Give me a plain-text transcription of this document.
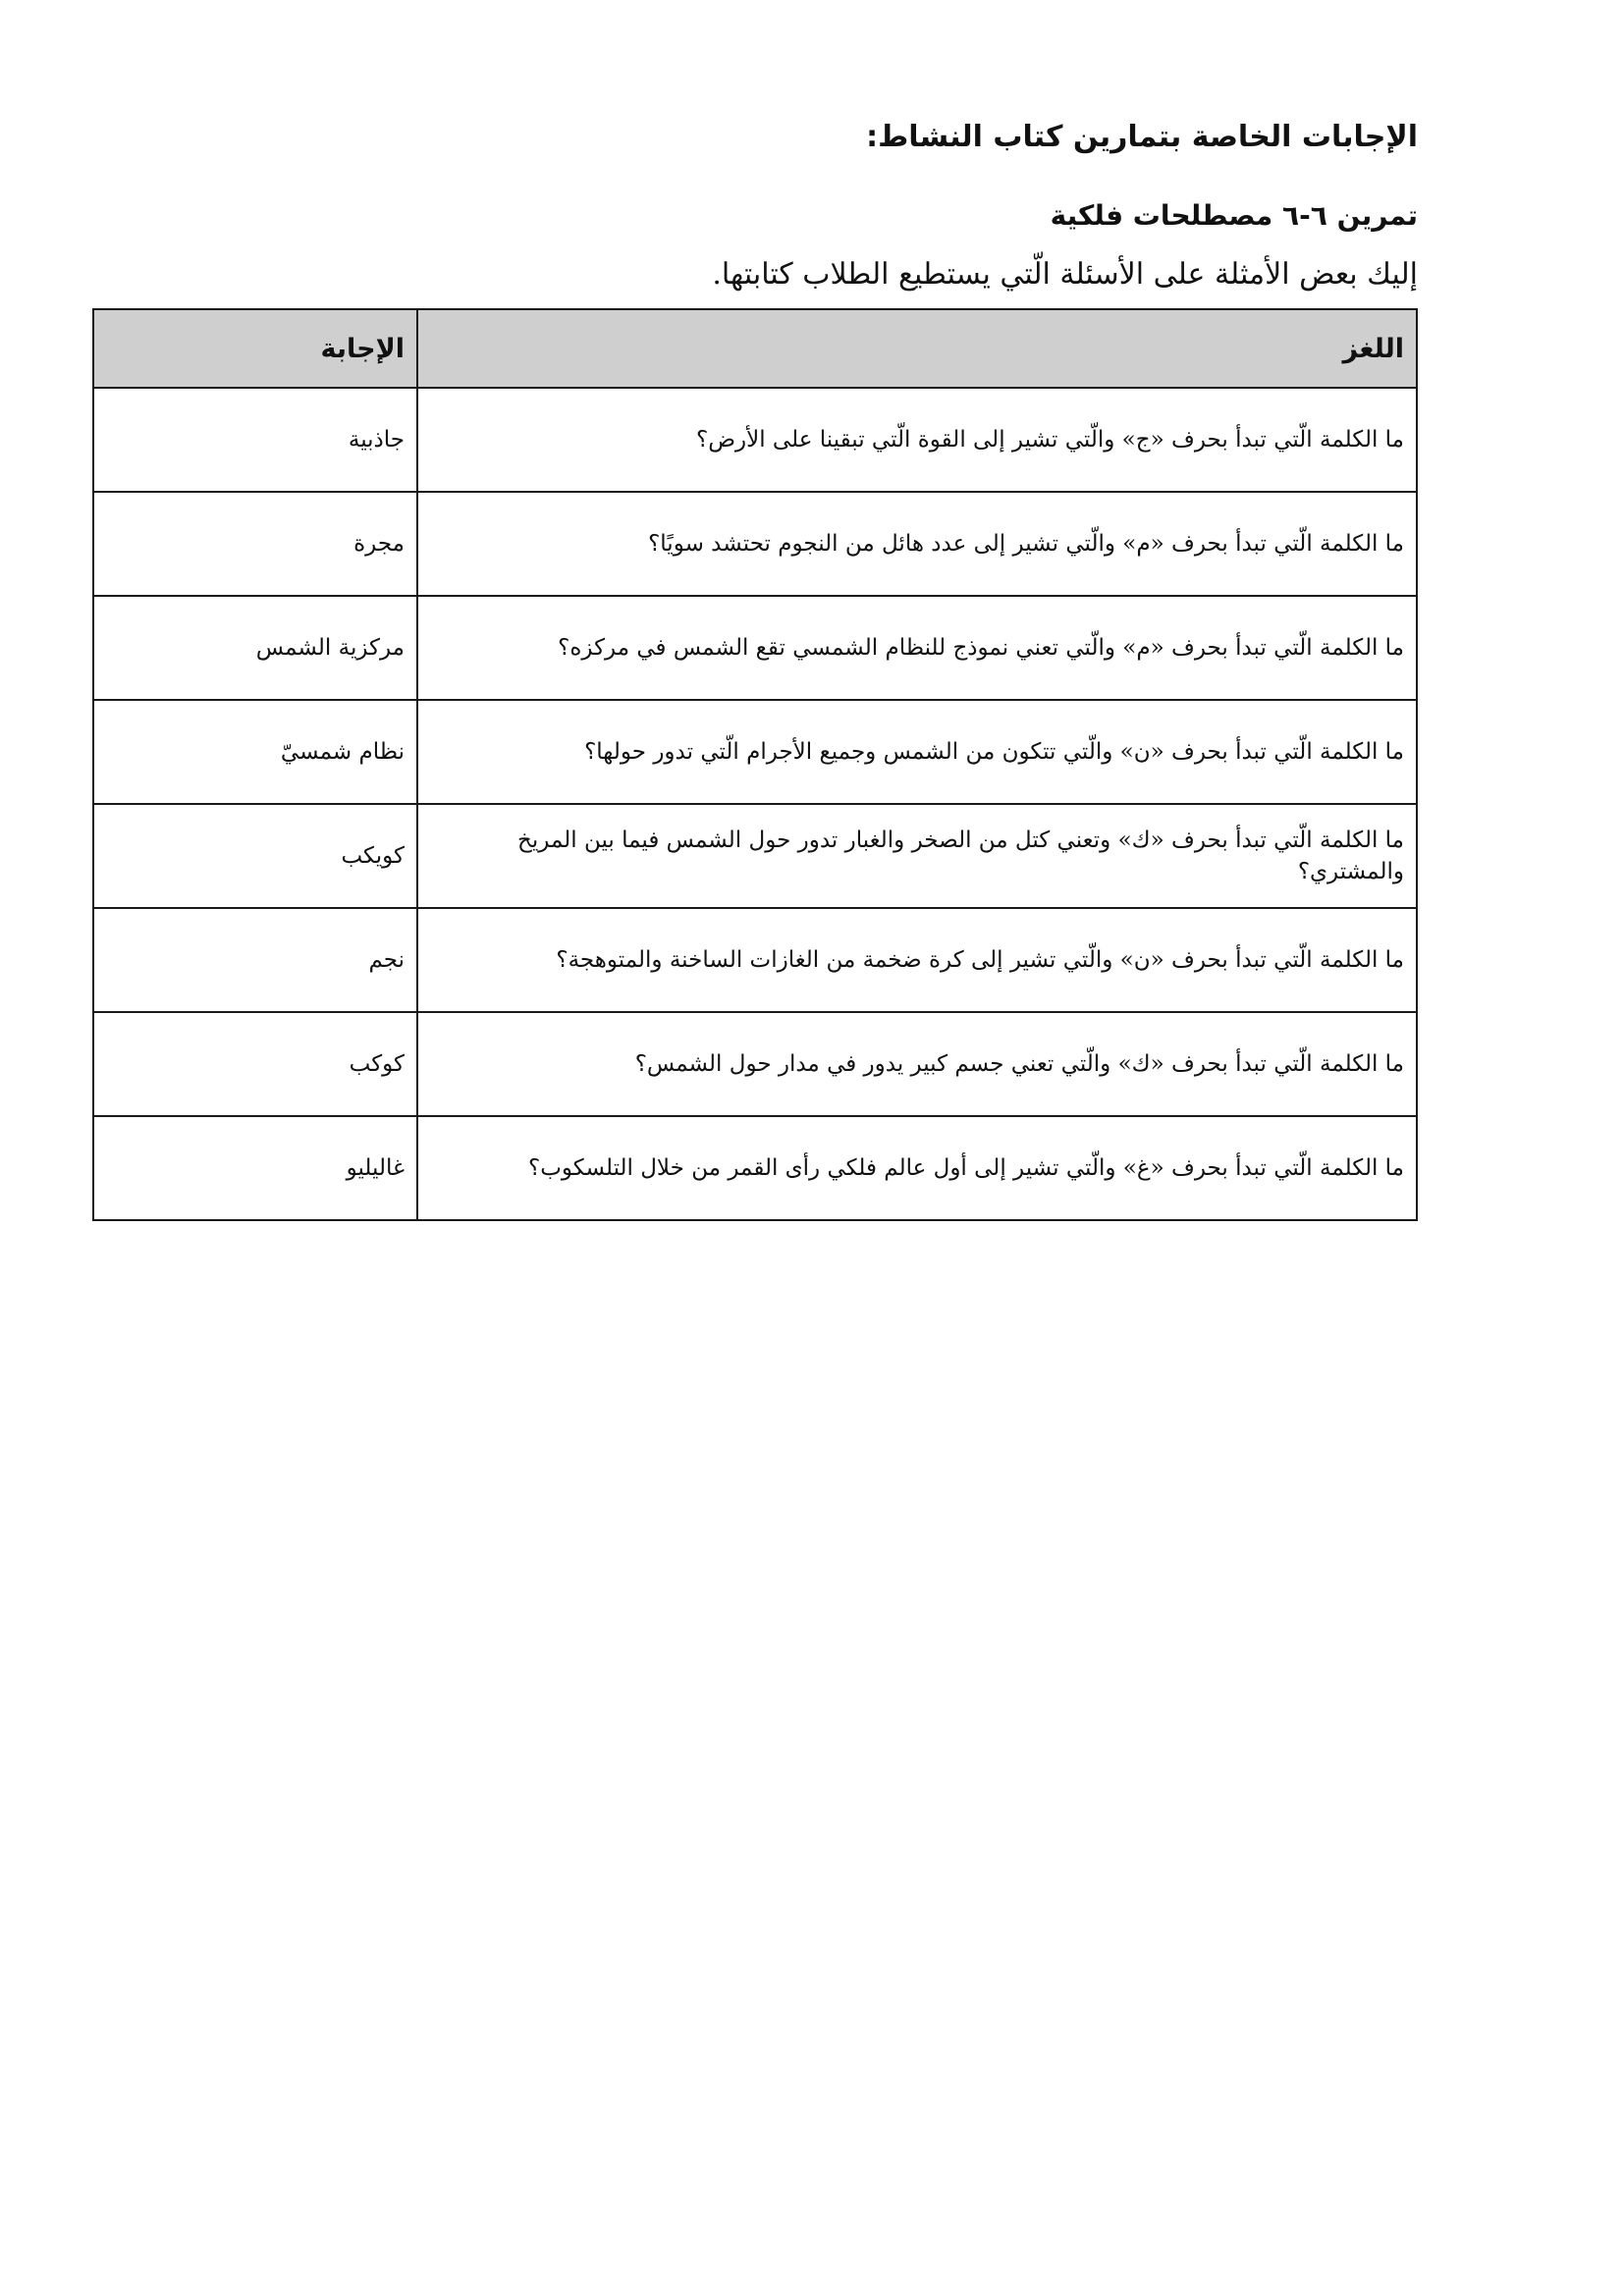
الإجابات الخاصة بتمارين كتاب النشاط:
تمرين ٦-٦ مصطلحات فلكية

إليك بعض الأمثلة على الأسئلة الّتي يستطيع الطلاب كتابتها.

اللغز	الإجابة
ما الكلمة الّتي تبدأ بحرف «ج» والّتي تشير إلى القوة الّتي تبقينا على الأرض؟	جاذبية
ما الكلمة الّتي تبدأ بحرف «م» والّتي تشير إلى عدد هائل من النجوم تحتشد سويًا؟	مجرة
ما الكلمة الّتي تبدأ بحرف «م» والّتي تعني نموذج للنظام الشمسي تقع الشمس في مركزه؟	مركزية الشمس
ما الكلمة الّتي تبدأ بحرف «ن» والّتي تتكون من الشمس وجميع الأجرام الّتي تدور حولها؟	نظام شمسيّ
ما الكلمة الّتي تبدأ بحرف «ك» وتعني كتل من الصخر والغبار تدور حول الشمس فيما بين المريخ والمشتري؟	كويكب
ما الكلمة الّتي تبدأ بحرف «ن» والّتي تشير إلى كرة ضخمة من الغازات الساخنة والمتوهجة؟	نجم
ما الكلمة الّتي تبدأ بحرف «ك» والّتي تعني جسم كبير يدور في مدار حول الشمس؟	كوكب
ما الكلمة الّتي تبدأ بحرف «غ» والّتي تشير إلى أول عالم فلكي رأى القمر من خلال التلسكوب؟	غاليليو
